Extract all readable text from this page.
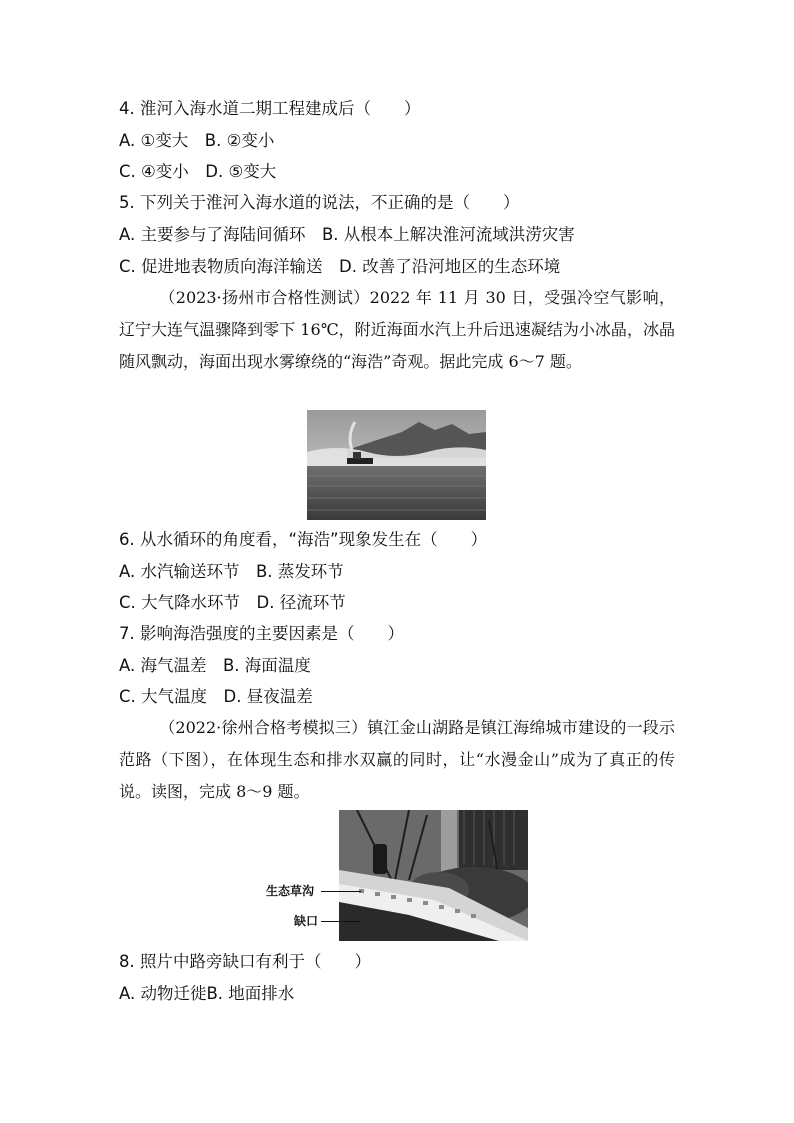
4. 淮河入海水道二期工程建成后（　　）
A. ①变大　B. ②变小
C. ④变小　D. ⑤变大
5. 下列关于淮河入海水道的说法，不正确的是（　　）
A. 主要参与了海陆间循环　B. 从根本上解决淮河流域洪涝灾害
C. 促进地表物质向海洋输送　D. 改善了沿河地区的生态环境
（2023·扬州市合格性测试）2022 年 11 月 30 日，受强冷空气影响，辽宁大连气温骤降到零下 16℃，附近海面水汽上升后迅速凝结为小冰晶，冰晶随风飘动，海面出现水雾缭绕的“海浩”奇观。据此完成 6～7 题。
6. 从水循环的角度看，“海浩”现象发生在（　　）
A. 水汽输送环节　B. 蒸发环节
C. 大气降水环节　D. 径流环节
7. 影响海浩强度的主要因素是（　　）
A. 海气温差　B. 海面温度
C. 大气温度　D. 昼夜温差
（2022·徐州合格考模拟三）镇江金山湖路是镇江海绵城市建设的一段示范路（下图），在体现生态和排水双赢的同时，让“水漫金山”成为了真正的传说。读图，完成 8～9 题。
生态草沟
缺口
8. 照片中路旁缺口有利于（　　）
A. 动物迁徙B. 地面排水
